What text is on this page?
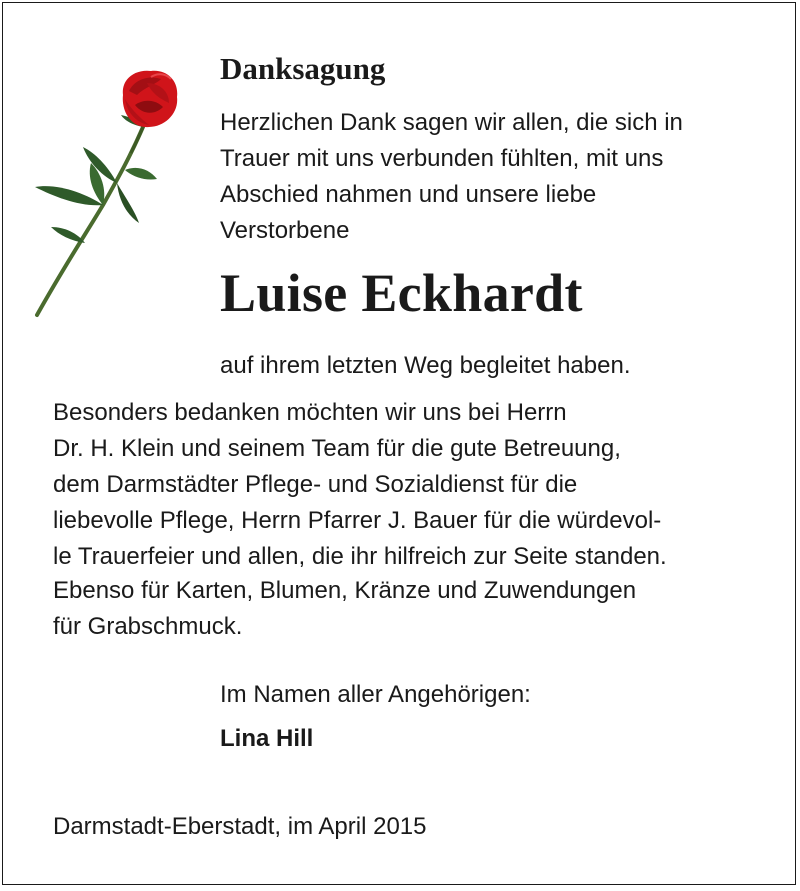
Danksagung

Herzlichen Dank sagen wir allen, die sich in
Trauer mit uns verbunden fühlten, mit uns
Abschied nahmen und unsere liebe
Verstorbene

Luise Eckhardt

auf ihrem letzten Weg begleitet haben.

Besonders bedanken möchten wir uns bei Herrn
Dr. H. Klein und seinem Team für die gute Betreuung,
dem Darmstädter Pflege- und Sozialdienst für die
liebevolle Pflege, Herrn Pfarrer J. Bauer für die würdevol-
le Trauerfeier und allen, die ihr hilfreich zur Seite standen.

Ebenso für Karten, Blumen, Kränze und Zuwendungen
für Grabschmuck.

Im Namen aller Angehörigen:

Lina Hill

Darmstadt-Eberstadt, im April 2015
